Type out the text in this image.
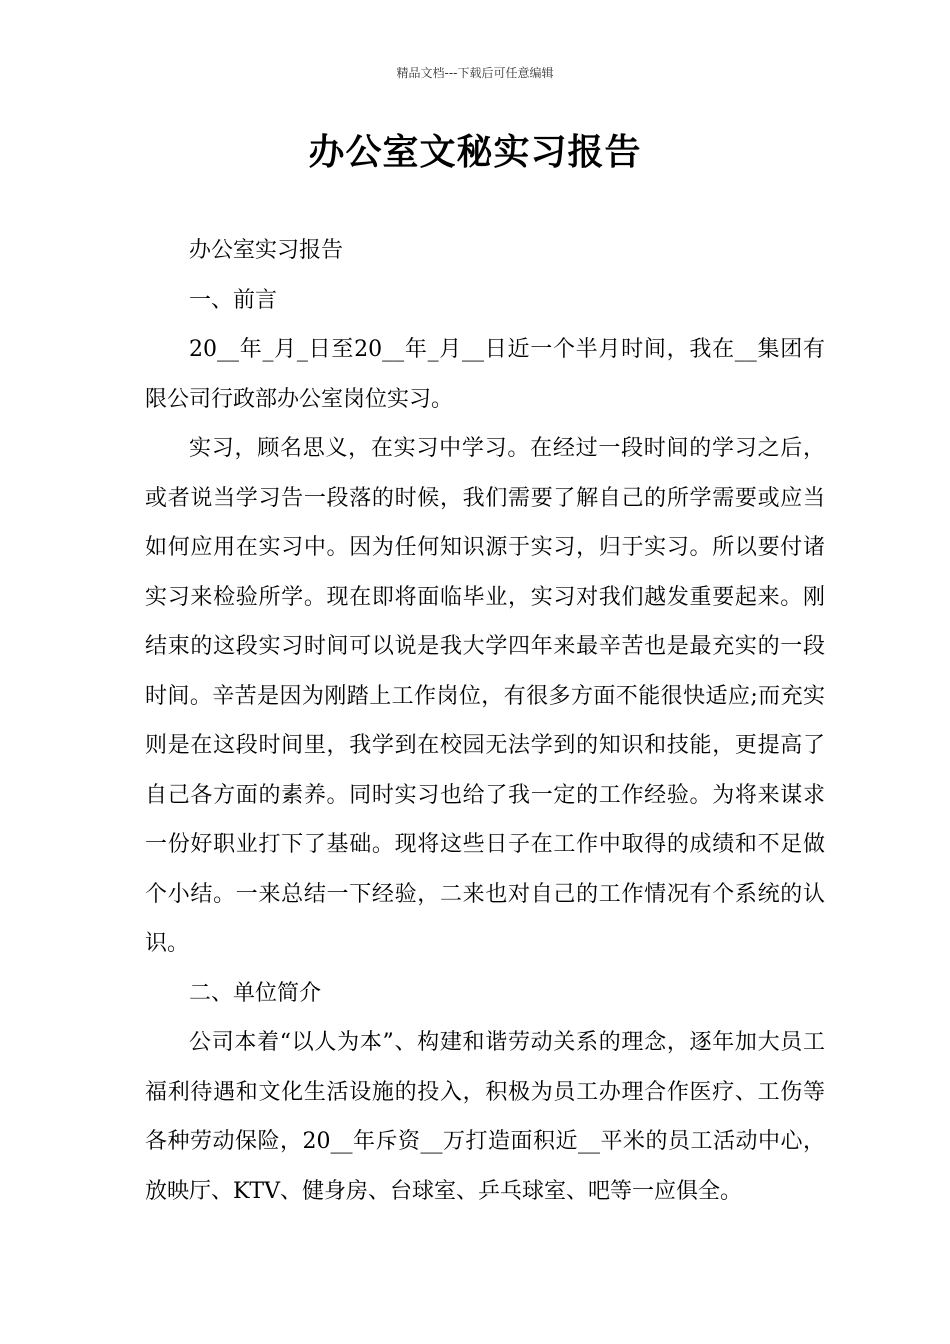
精品文档---下载后可任意编辑
办公室文秘实习报告

办公室实习报告

一、前言

20__年_月_日至20__年_月__日近一个半月时间，我在__集团有限公司行政部办公室岗位实习。

实习，顾名思义，在实习中学习。在经过一段时间的学习之后，或者说当学习告一段落的时候，我们需要了解自己的所学需要或应当如何应用在实习中。因为任何知识源于实习，归于实习。所以要付诸实习来检验所学。现在即将面临毕业，实习对我们越发重要起来。刚结束的这段实习时间可以说是我大学四年来最辛苦也是最充实的一段时间。辛苦是因为刚踏上工作岗位，有很多方面不能很快适应;而充实则是在这段时间里，我学到在校园无法学到的知识和技能，更提高了自己各方面的素养。同时实习也给了我一定的工作经验。为将来谋求一份好职业打下了基础。现将这些日子在工作中取得的成绩和不足做个小结。一来总结一下经验，二来也对自己的工作情况有个系统的认识。

二、单位简介

公司本着“以人为本”、构建和谐劳动关系的理念，逐年加大员工福利待遇和文化生活设施的投入，积极为员工办理合作医疗、工伤等各种劳动保险，20__年斥资__万打造面积近__平米的员工活动中心，放映厅、KTV、健身房、台球室、乒乓球室、吧等一应俱全。
